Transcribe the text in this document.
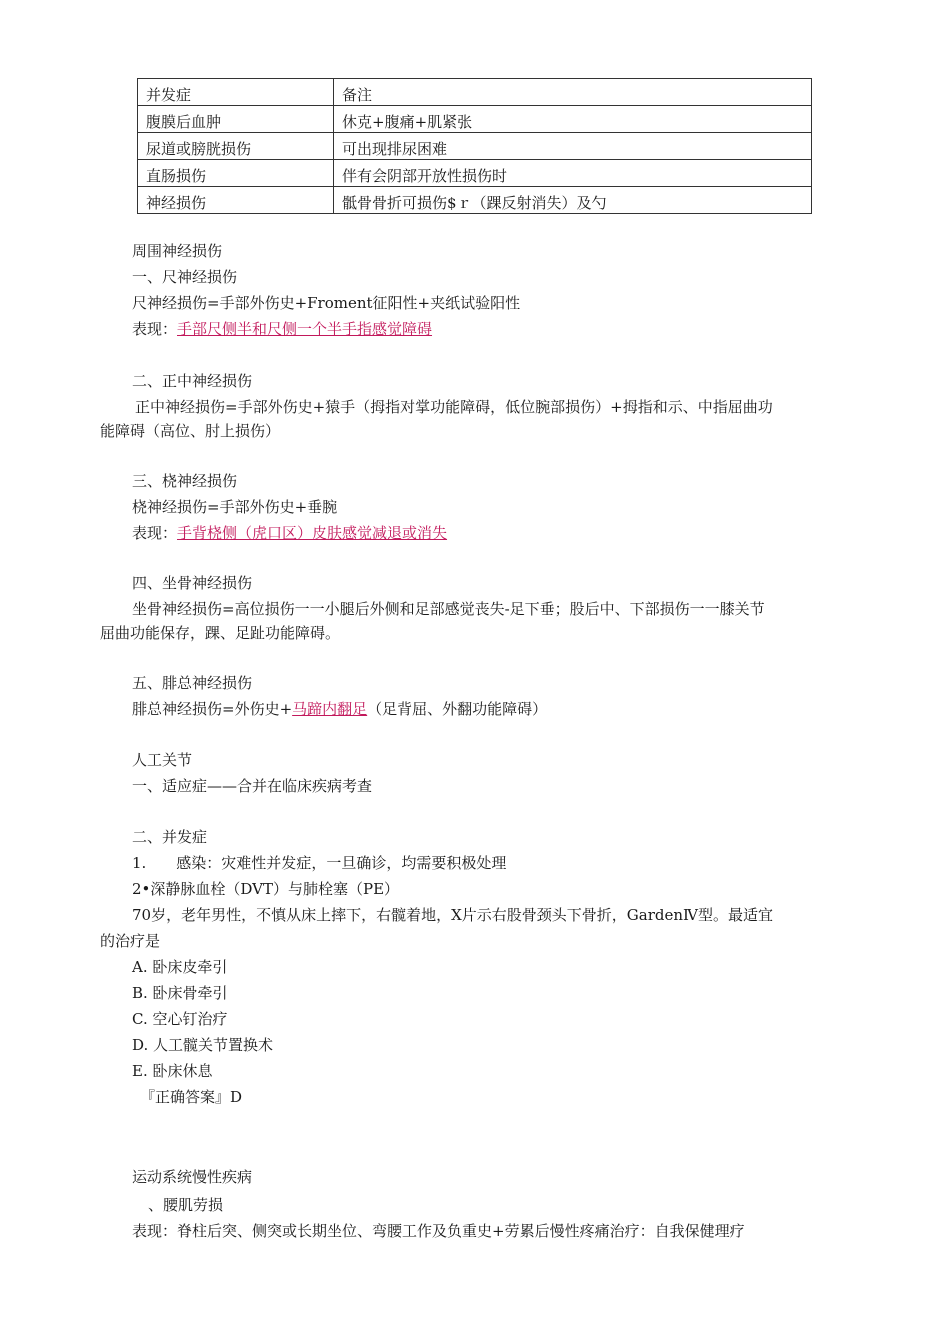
并发症	备注
腹膜后血肿	休克+腹痛+肌紧张
尿道或膀胱损伤	可出现排尿困难
直肠损伤	伴有会阴部开放性损伤时
神经损伤	骶骨骨折可损伤$ｒ（踝反射消失）及勺
周围神经损伤
一、尺神经损伤
尺神经损伤=手部外伤史+Froment征阳性+夹纸试验阳性
表现：手部尺侧半和尺侧一个半手指感觉障碍
二、正中神经损伤
正中神经损伤=手部外伤史+猿手（拇指对掌功能障碍，低位腕部损伤）+拇指和示、中指屈曲功
能障碍（高位、肘上损伤）
三、桡神经损伤
桡神经损伤=手部外伤史+垂腕
表现：手背桡侧（虎口区）皮肤感觉减退或消失
四、坐骨神经损伤
坐骨神经损伤=高位损伤一一小腿后外侧和足部感觉丧失-足下垂；股后中、下部损伤一一膝关节
屈曲功能保存，踝、足趾功能障碍。
五、腓总神经损伤
腓总神经损伤=外伤史+马蹄内翻足（足背屈、外翻功能障碍）
人工关节
一、适应症——合并在临床疾病考查
二、并发症
1.　　感染：灾难性并发症，一旦确诊，均需要积极处理
2•深静脉血栓（DVT）与肺栓塞（PE）
70岁，老年男性，不慎从床上摔下，右髋着地，X片示右股骨颈头下骨折，GardenⅣ型。最适宜
的治疗是
A. 卧床皮牵引
B. 卧床骨牵引
C. 空心钉治疗
D. 人工髋关节置换术
E. 卧床休息
『正确答案』D
运动系统慢性疾病
、腰肌劳损
表现：脊柱后突、侧突或长期坐位、弯腰工作及负重史+劳累后慢性疼痛治疗：自我保健理疗
